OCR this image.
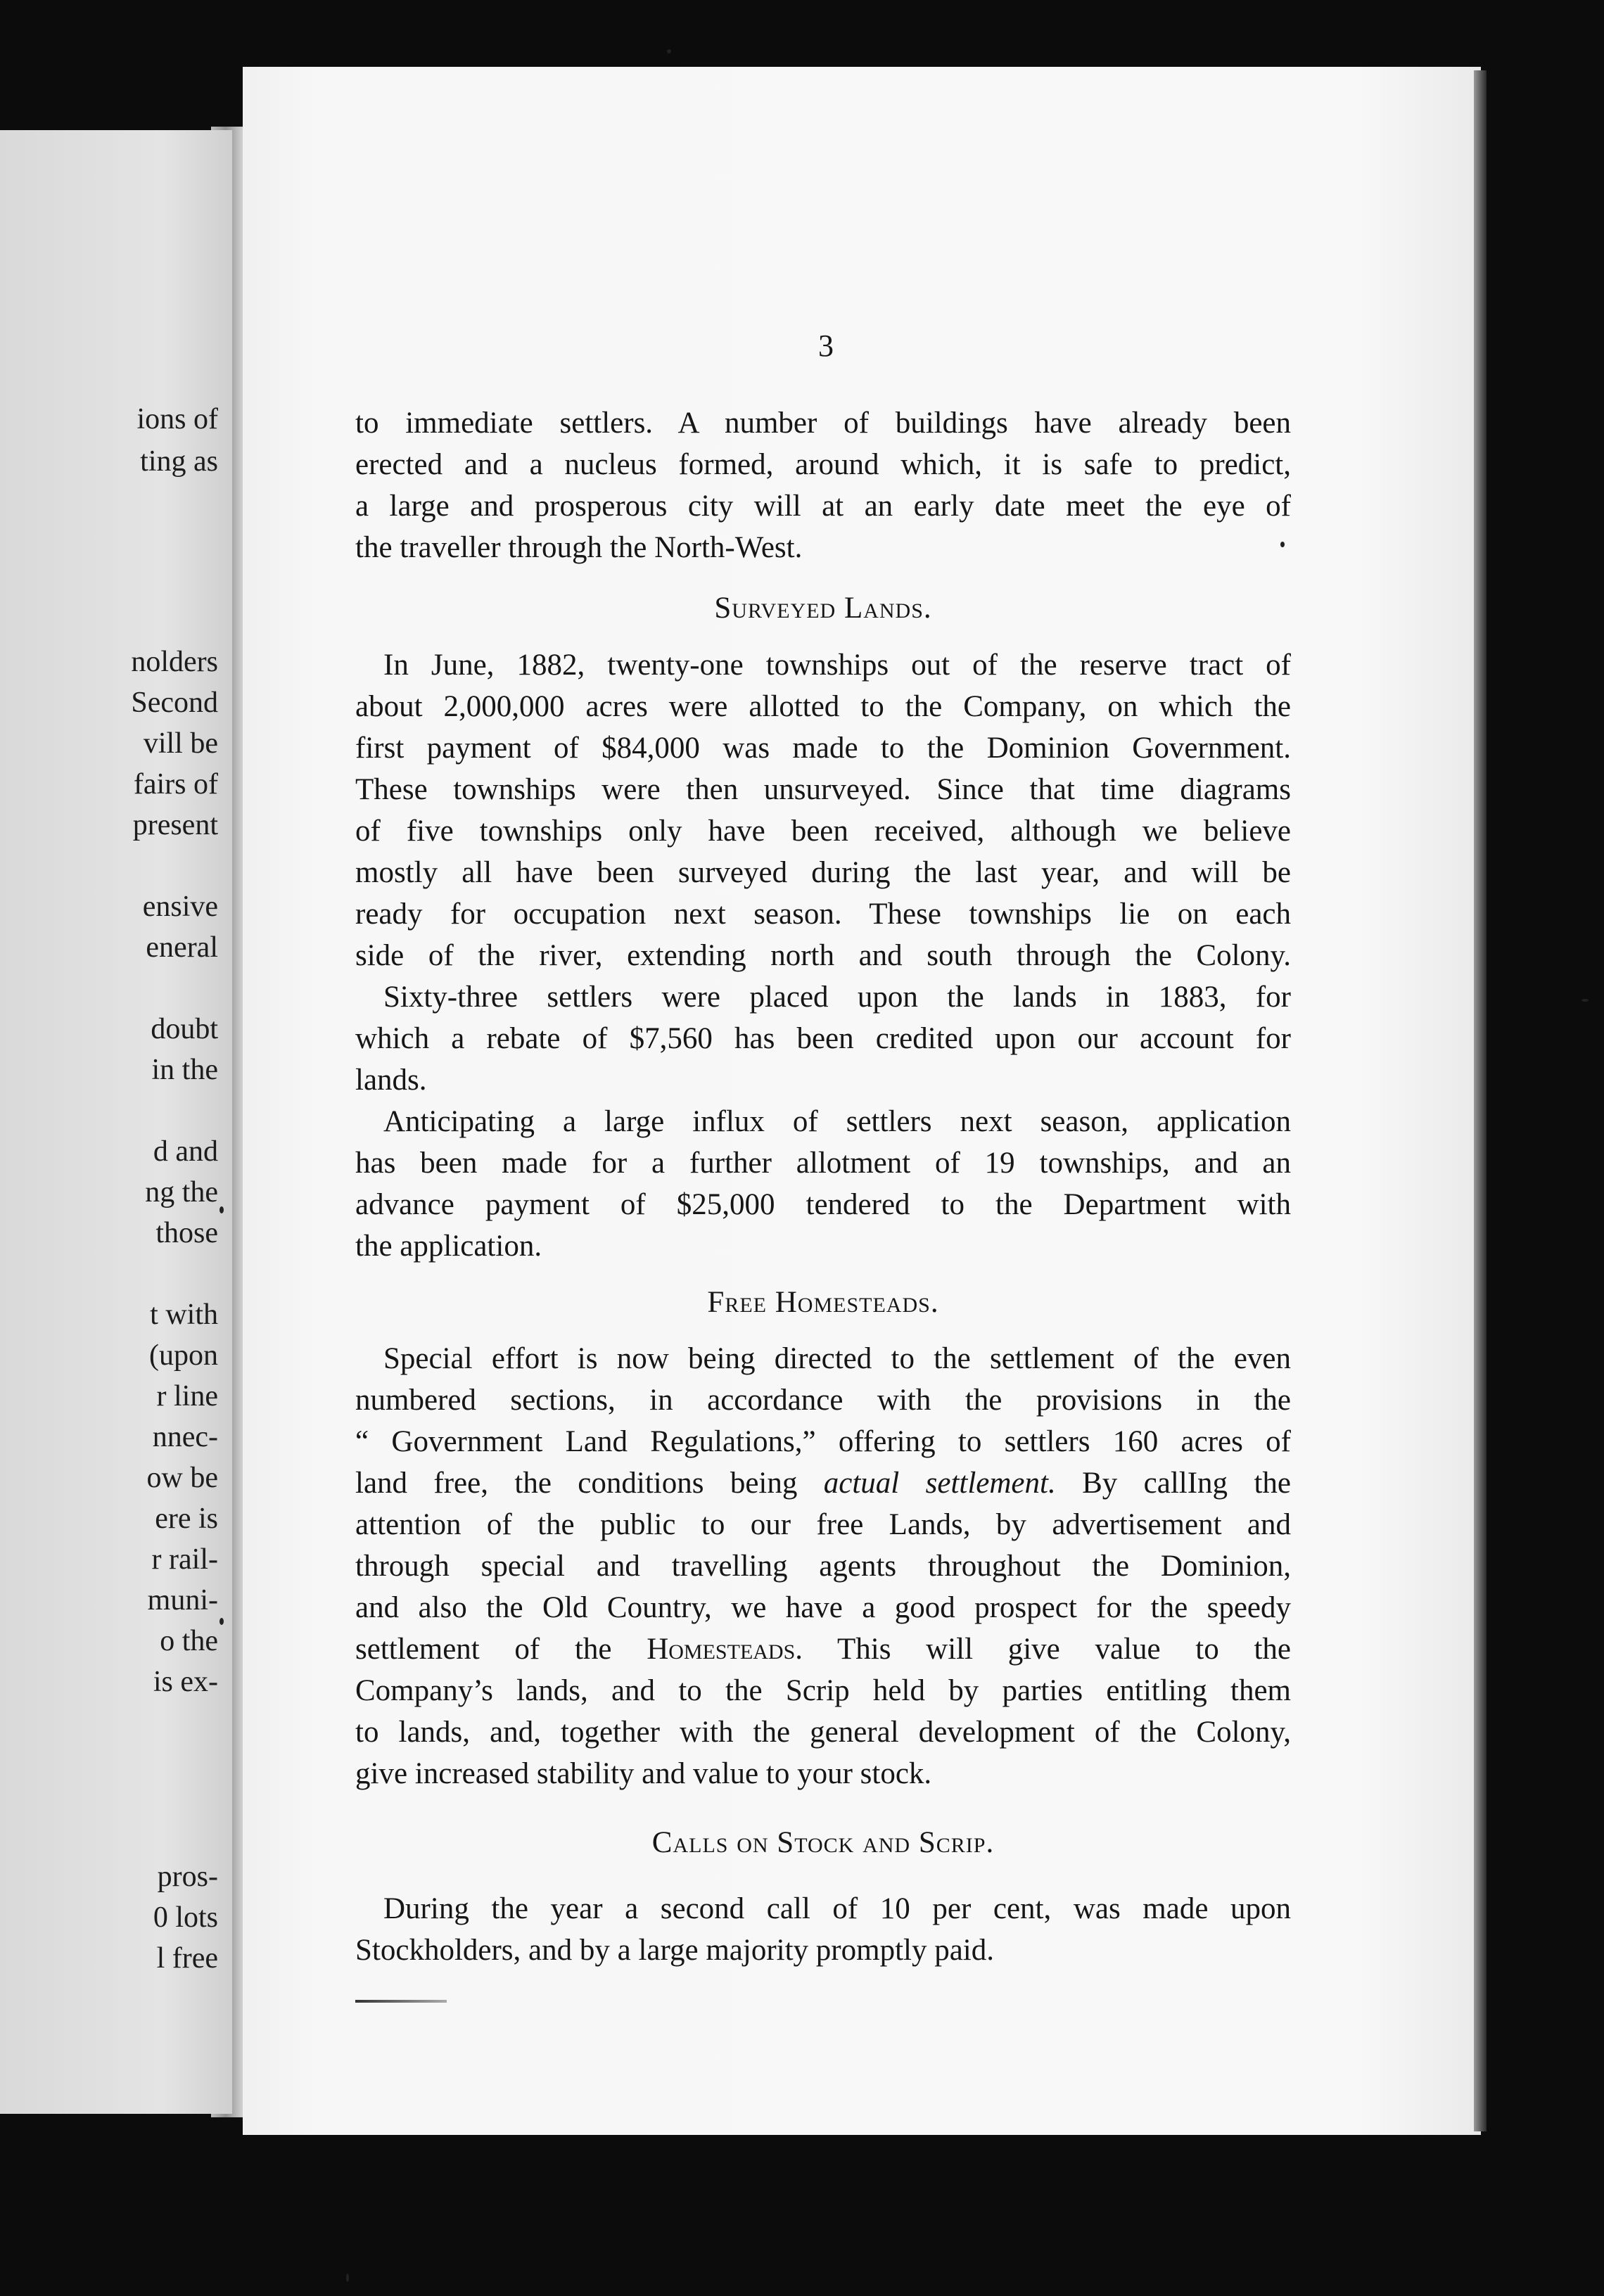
ions of
ting as
nolders
Second
vill be
fairs of
present
ensive
eneral
doubt
in the
d and
ng the
those
t with
(upon
r line
nnec-
ow be
ere is
r rail-
muni-
o the
is ex-
pros-
0 lots
l free
3
to immediate settlers. A number of buildings have already been
erected and a nucleus formed, around which, it is safe to predict,
a large and prosperous city will at an early date meet the eye of
the traveller through the North-West.
Surveyed Lands.
In June, 1882, twenty-one townships out of the reserve tract of
about 2,000,000 acres were allotted to the Company, on which the
first payment of $84,000 was made to the Dominion Government.
These townships were then unsurveyed. Since that time diagrams
of five townships only have been received, although we believe
mostly all have been surveyed during the last year, and will be
ready for occupation next season. These townships lie on each
side of the river, extending north and south through the Colony.
Sixty-three settlers were placed upon the lands in 1883, for
which a rebate of $7,560 has been credited upon our account for
lands.
Anticipating a large influx of settlers next season, application
has been made for a further allotment of 19 townships, and an
advance payment of $25,000 tendered to the Department with
the application.
Free Homesteads.
Special effort is now being directed to the settlement of the even
numbered sections, in accordance with the provisions in the
“ Government Land Regulations,” offering to settlers 160 acres of
land free, the conditions being actual settlement. By callIng the
attention of the public to our free Lands, by advertisement and
through special and travelling agents throughout the Dominion,
and also the Old Country, we have a good prospect for the speedy
settlement of the Homesteads. This will give value to the
Company’s lands, and to the Scrip held by parties entitling them
to lands, and, together with the general development of the Colony,
give increased stability and value to your stock.
Calls on Stock and Scrip.
During the year a second call of 10 per cent, was made upon
Stockholders, and by a large majority promptly paid.
